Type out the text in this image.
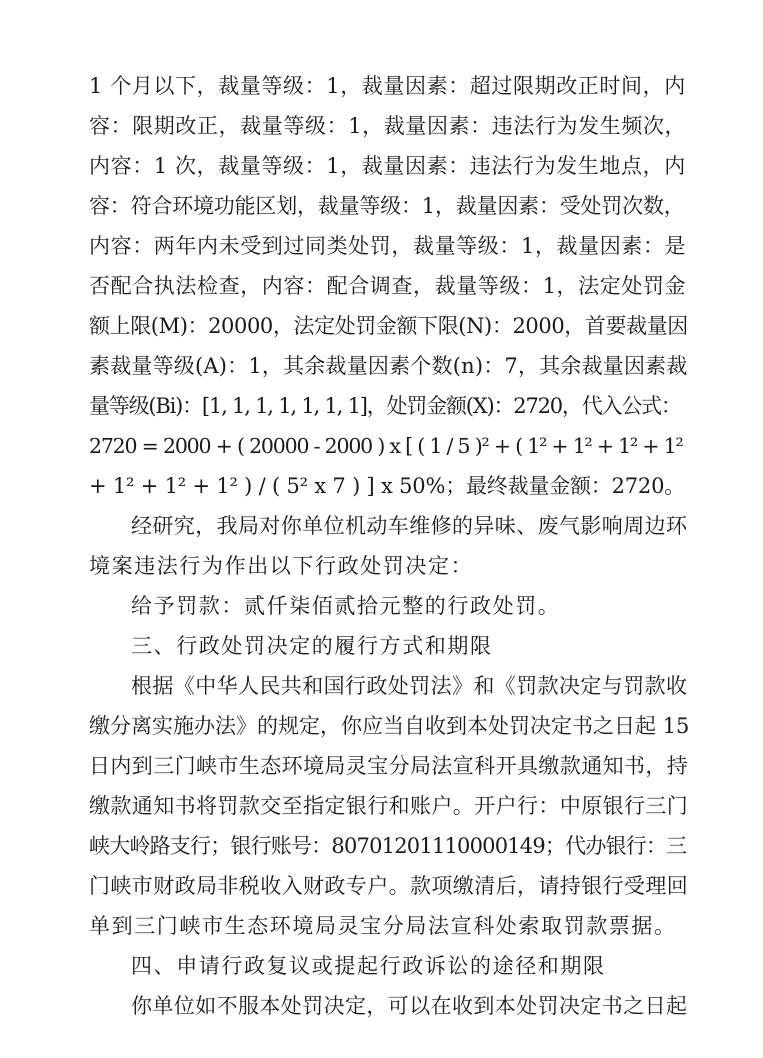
1 个月以下，裁量等级：1，裁量因素：超过限期改正时间，内
容：限期改正，裁量等级：1，裁量因素：违法行为发生频次，
内容：1 次，裁量等级：1，裁量因素：违法行为发生地点，内
容：符合环境功能区划，裁量等级：1，裁量因素：受处罚次数，
内容：两年内未受到过同类处罚，裁量等级：1，裁量因素：是
否配合执法检查，内容：配合调查，裁量等级：1，法定处罚金
额上限(M)：20000，法定处罚金额下限(N)：2000，首要裁量因
素裁量等级(A)：1，其余裁量因素个数(n)：7，其余裁量因素裁
量等级(Bi)：[1, 1, 1, 1, 1, 1, 1]，处罚金额(X)：2720，代入公式：
2720 = 2000 + ( 20000 - 2000 ) x [ ( 1 / 5 )² + ( 1² + 1² + 1² + 1²
+ 1² + 1² + 1² ) / ( 5² x 7 ) ] x 50%；最终裁量金额：2720。
经研究，我局对你单位机动车维修的异味、废气影响周边环
境案违法行为作出以下行政处罚决定：
给予罚款：贰仟柒佰贰拾元整的行政处罚。
三、行政处罚决定的履行方式和期限
根据《中华人民共和国行政处罚法》和《罚款决定与罚款收
缴分离实施办法》的规定，你应当自收到本处罚决定书之日起 15
日内到三门峡市生态环境局灵宝分局法宣科开具缴款通知书，持
缴款通知书将罚款交至指定银行和账户。开户行：中原银行三门
峡大岭路支行；银行账号：80701201110000149；代办银行：三
门峡市财政局非税收入财政专户。款项缴清后，请持银行受理回
单到三门峡市生态环境局灵宝分局法宣科处索取罚款票据。
四、申请行政复议或提起行政诉讼的途径和期限
你单位如不服本处罚决定，可以在收到本处罚决定书之日起
